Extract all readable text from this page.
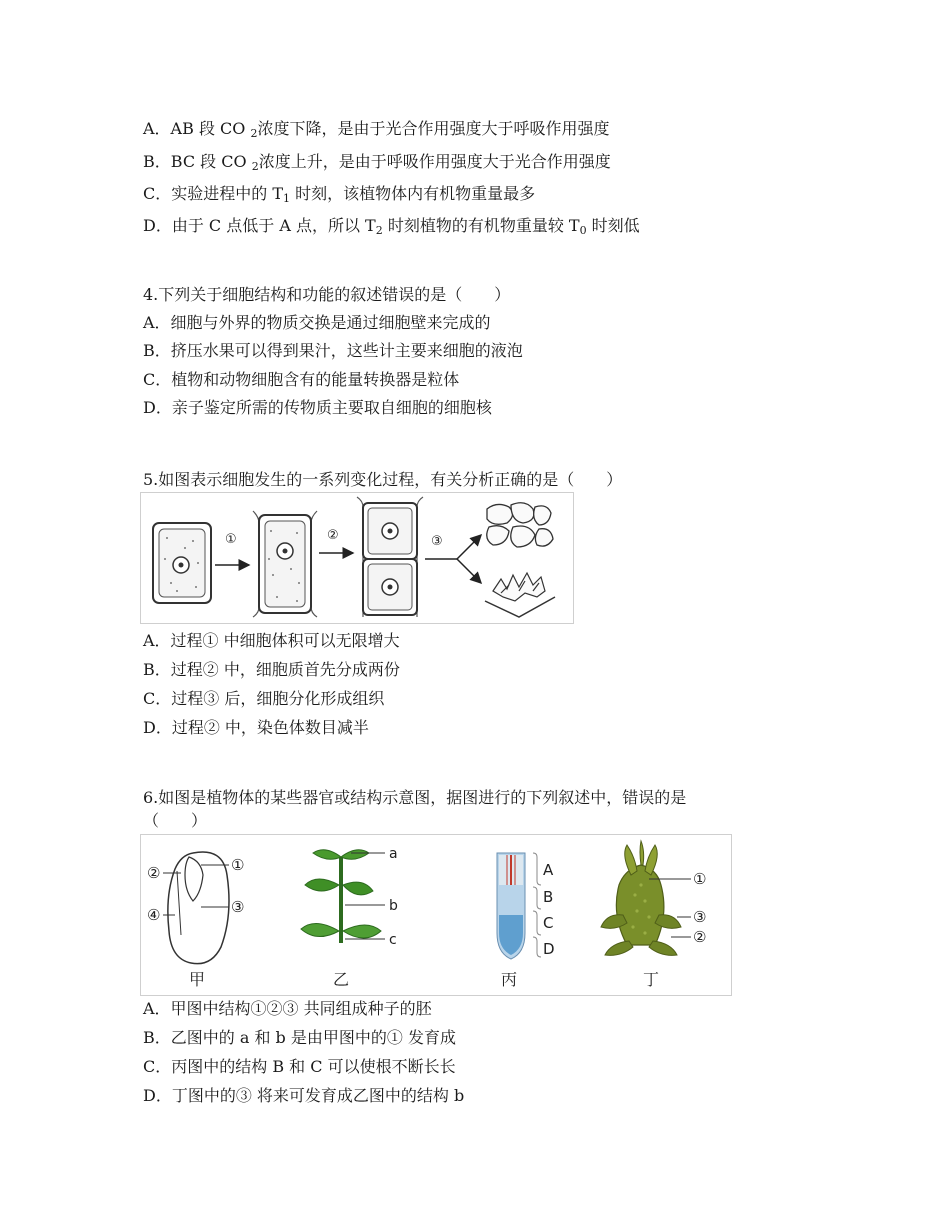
A．AB 段 CO $_2$浓度下降，是由于光合作用强度大于呼吸作用强度
B．BC 段 CO $_2$浓度上升，是由于呼吸作用强度大于光合作用强度
C．实验进程中的 $T_1$ 时刻，该植物体内有机物重量最多
D．由于 C 点低于 A 点，所以 $T_2$ 时刻植物的有机物重量较 $T_0$ 时刻低
4.下列关于细胞结构和功能的叙述错误的是（　　）
A．细胞与外界的物质交换是通过细胞壁来完成的
B．挤压水果可以得到果汁，这些计主要来细胞的液泡
C．植物和动物细胞含有的能量转换器是粒体
D．亲子鉴定所需的传物质主要取自细胞的细胞核
5.如图表示细胞发生的一系列变化过程，有关分析正确的是（　　）
①	②	③
A．过程① 中细胞体积可以无限增大
B．过程② 中，细胞质首先分成两份
C．过程③ 后，细胞分化形成组织
D．过程② 中，染色体数目减半
6.如图是植物体的某些器官或结构示意图，据图进行的下列叙述中，错误的是
（　　）
②	①
③
④
甲
a
b
c
乙
A
B
C
D
丙
①
③
②
丁
A．甲图中结构①②③ 共同组成种子的胚
B．乙图中的 a 和 b 是由甲图中的① 发育成
C．丙图中的结构 B 和 C 可以使根不断长长
D．丁图中的③ 将来可发育成乙图中的结构 b
